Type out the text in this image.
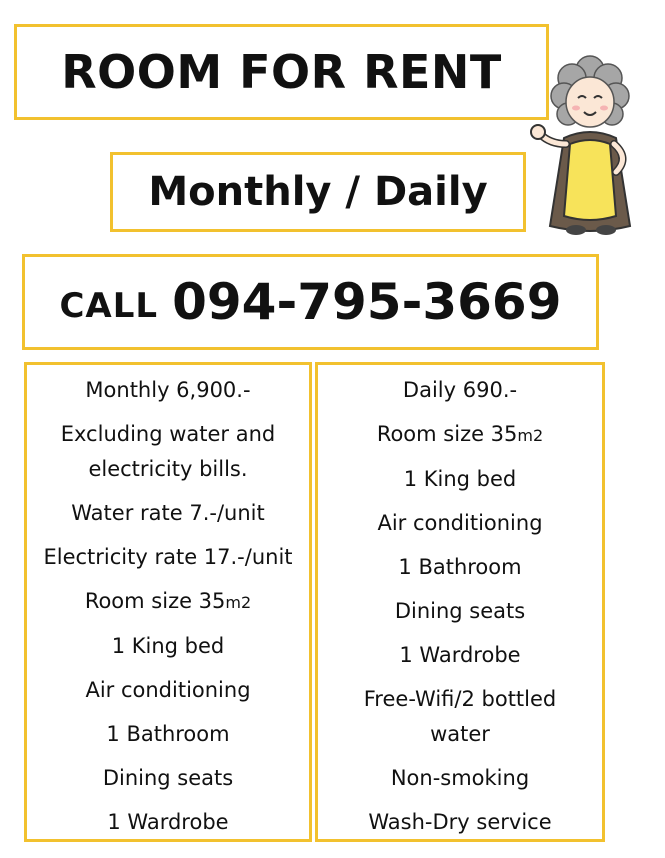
ROOM FOR RENT
Monthly / Daily
CALL 094-795-3669
Monthly 6,900.-
Excluding water and electricity bills.
Water rate 7.-/unit
Electricity rate 17.-/unit
Room size 35m2
1 King bed
Air conditioning
1 Bathroom
Dining seats
1 Wardrobe
Daily 690.-
Room size 35m2
1 King bed
Air conditioning
1 Bathroom
Dining seats
1 Wardrobe
Free-Wifi/2 bottled water
Non-smoking
Wash-Dry service
